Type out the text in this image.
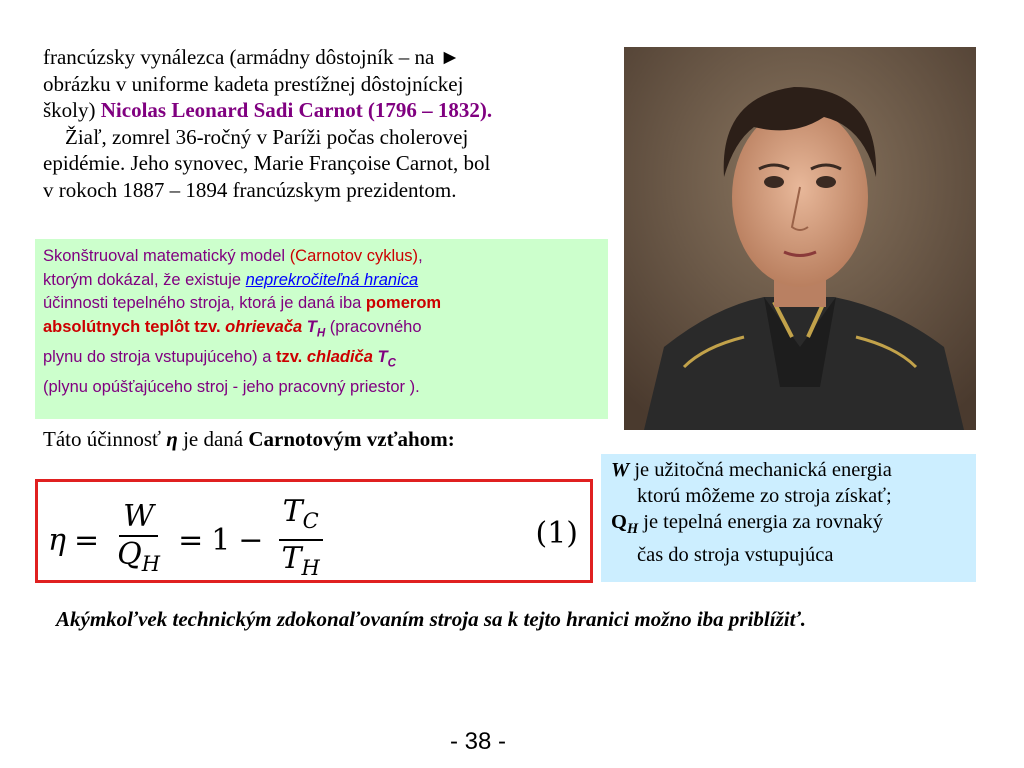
francúzsky vynálezca (armádny dôstojník – na ►

obrázku v uniforme kadeta prestížnej dôstojníckej

školy) Nicolas Leonard Sadi Carnot (1796 – 1832).

Žiaľ, zomrel 36-ročný v Paríži počas cholerovej

epidémie. Jeho synovec, Marie Françoise Carnot, bol

v rokoch 1887 – 1894 francúzskym prezidentom.

Skonštruoval matematický model (Carnotov cyklus),
ktorým dokázal, že existuje neprekročiteľná hranica
účinnosti tepelného stroja, ktorá je daná iba pomerom
absolútnych teplôt tzv. ohrievača $T_H$ (pracovného
plynu do stroja vstupujúceho) a tzv. chladiča $T_C$
(plynu opúšťajúceho stroj - jeho pracovný priestor ).
Táto účinnosť η je daná Carnotovým vzťahom:
$\eta = \frac{W}{Q_H} = 1 - \frac{T_C}{T_H}$	(1)
W je užitočná mechanická energia
ktorú môžeme zo stroja získať;
$Q_H$ je tepelná energia za rovnaký
čas do stroja vstupujúca
Akýmkoľvek technickým zdokonaľovaním stroja sa k tejto hranici možno iba priblížiť.
- 38 -
